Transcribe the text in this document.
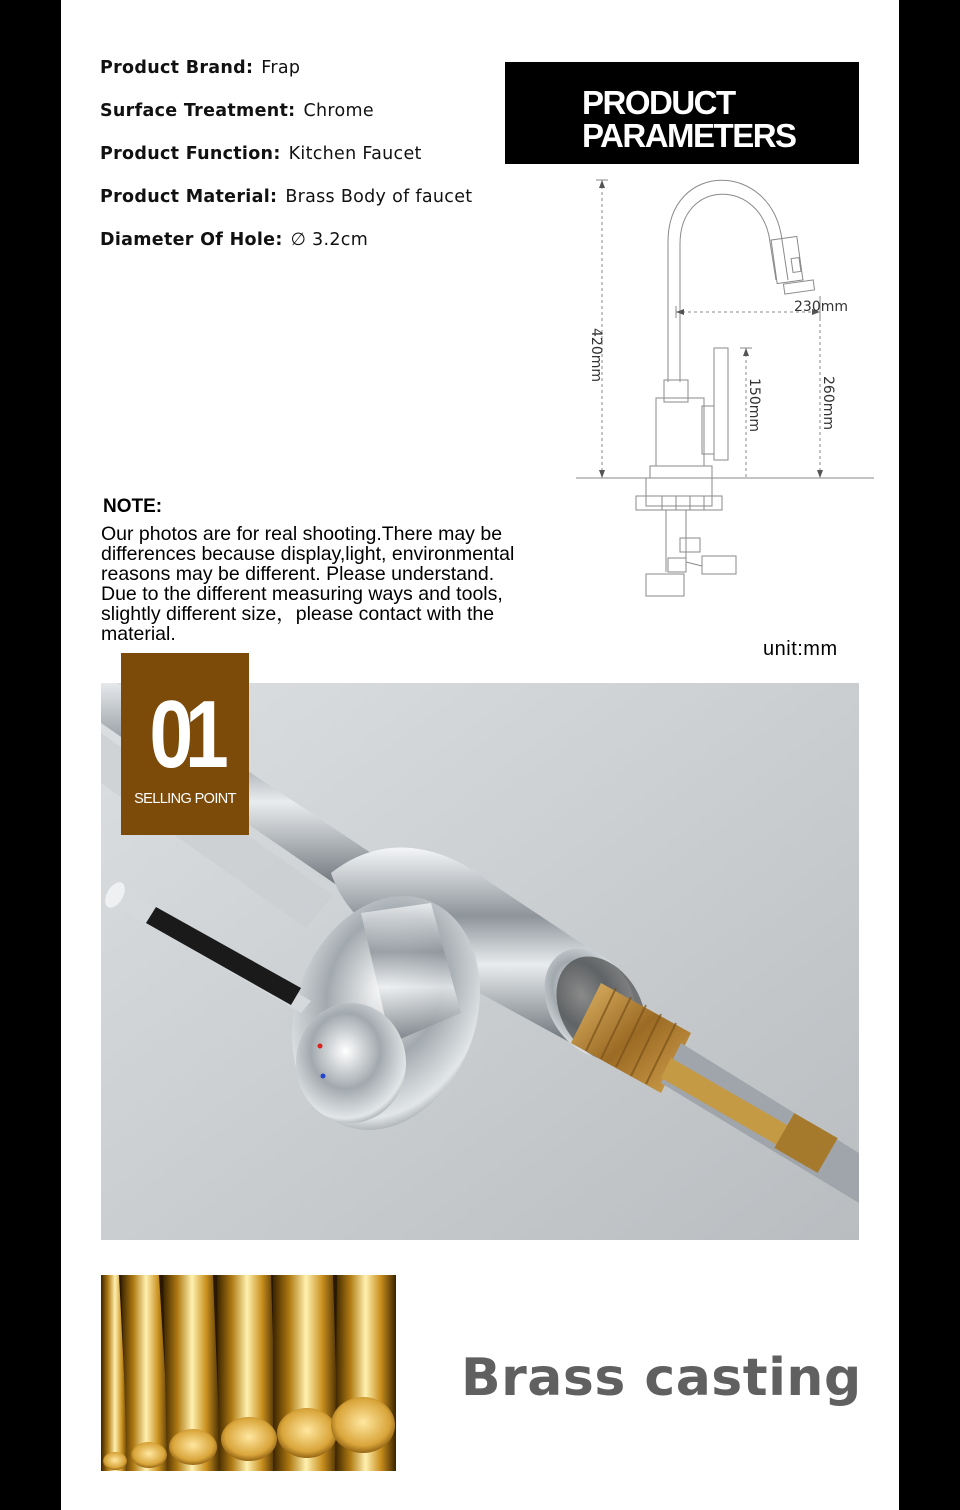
Product Brand: Frap
Surface Treatment: Chrome
Product Function: Kitchen Faucet
Product Material: Brass Body of faucet
Diameter Of Hole: ∅ 3.2cm
PRODUCT
PARAMETERS
230mm
420mm
150mm	260mm
NOTE:
Our photos are for real shooting.There may be
differences because display,light, environmental
reasons may be different. Please understand.
Due to the different measuring ways and tools,
slightly different size，please contact with the
material.
unit:mm
01
SELLING POINT
Brass casting
